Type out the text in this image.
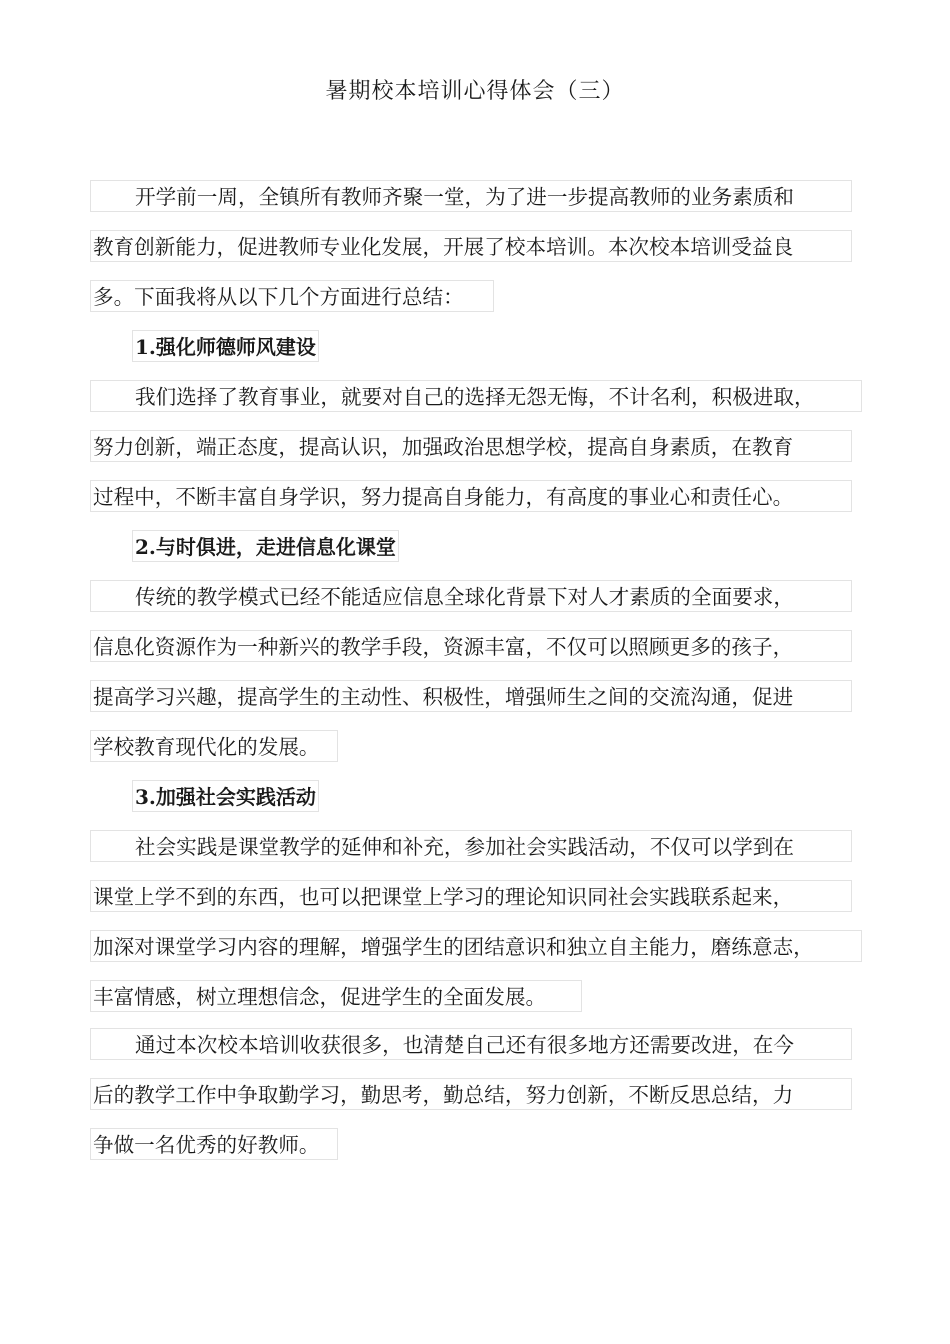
暑期校本培训心得体会（三）
开学前一周，全镇所有教师齐聚一堂，为了进一步提高教师的业务素质和
教育创新能力，促进教师专业化发展，开展了校本培训。本次校本培训受益良
多。下面我将从以下几个方面进行总结：
1.强化师德师风建设
我们选择了教育事业，就要对自己的选择无怨无悔，不计名利，积极进取，
努力创新，端正态度，提高认识，加强政治思想学校，提高自身素质，在教育
过程中，不断丰富自身学识，努力提高自身能力，有高度的事业心和责任心。
2.与时俱进，走进信息化课堂
传统的教学模式已经不能适应信息全球化背景下对人才素质的全面要求，
信息化资源作为一种新兴的教学手段，资源丰富，不仅可以照顾更多的孩子，
提高学习兴趣，提高学生的主动性、积极性，增强师生之间的交流沟通，促进
学校教育现代化的发展。
3.加强社会实践活动
社会实践是课堂教学的延伸和补充，参加社会实践活动，不仅可以学到在
课堂上学不到的东西，也可以把课堂上学习的理论知识同社会实践联系起来，
加深对课堂学习内容的理解，增强学生的团结意识和独立自主能力，磨练意志，
丰富情感，树立理想信念，促进学生的全面发展。
通过本次校本培训收获很多，也清楚自己还有很多地方还需要改进，在今
后的教学工作中争取勤学习，勤思考，勤总结，努力创新，不断反思总结，力
争做一名优秀的好教师。
